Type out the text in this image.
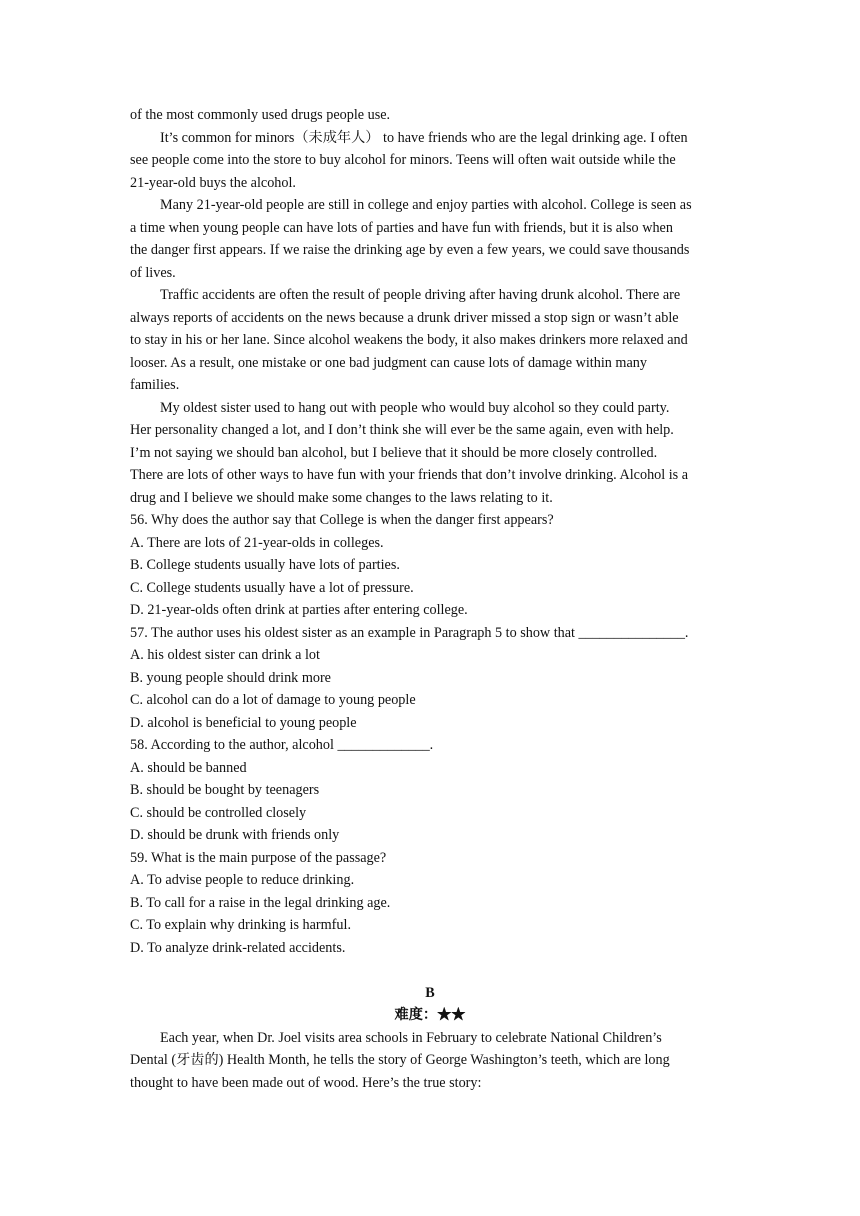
of the most commonly used drugs people use.
It’s common for minors（未成年人） to have friends who are the legal drinking age. I often
see people come into the store to buy alcohol for minors. Teens will often wait outside while the
21-year-old buys the alcohol.
Many 21-year-old people are still in college and enjoy parties with alcohol. College is seen as
a time when young people can have lots of parties and have fun with friends, but it is also when
the danger first appears. If we raise the drinking age by even a few years, we could save thousands
of lives.
Traffic accidents are often the result of people driving after having drunk alcohol. There are
always reports of accidents on the news because a drunk driver missed a stop sign or wasn’t able
to stay in his or her lane. Since alcohol weakens the body, it also makes drinkers more relaxed and
looser. As a result, one mistake or one bad judgment can cause lots of damage within many
families.
My oldest sister used to hang out with people who would buy alcohol so they could party.
Her personality changed a lot, and I don’t think she will ever be the same again, even with help.
I’m not saying we should ban alcohol, but I believe that it should be more closely controlled.
There are lots of other ways to have fun with your friends that don’t involve drinking. Alcohol is a
drug and I believe we should make some changes to the laws relating to it.
56. Why does the author say that College is when the danger first appears?
A. There are lots of 21-year-olds in colleges.
B. College students usually have lots of parties.
C. College students usually have a lot of pressure.
D. 21-year-olds often drink at parties after entering college.
57. The author uses his oldest sister as an example in Paragraph 5 to show that _______________.
A. his oldest sister can drink a lot
B. young people should drink more
C. alcohol can do a lot of damage to young people
D. alcohol is beneficial to young people
58. According to the author, alcohol _____________.
A. should be banned
B. should be bought by teenagers
C. should be controlled closely
D. should be drunk with friends only
59. What is the main purpose of the passage?
A. To advise people to reduce drinking.
B. To call for a raise in the legal drinking age.
C. To explain why drinking is harmful.
D. To analyze drink-related accidents.
B
难度：★★
Each year, when Dr. Joel visits area schools in February to celebrate National Children’s
Dental (牙齿的) Health Month, he tells the story of George Washington’s teeth, which are long
thought to have been made out of wood. Here’s the true story:
